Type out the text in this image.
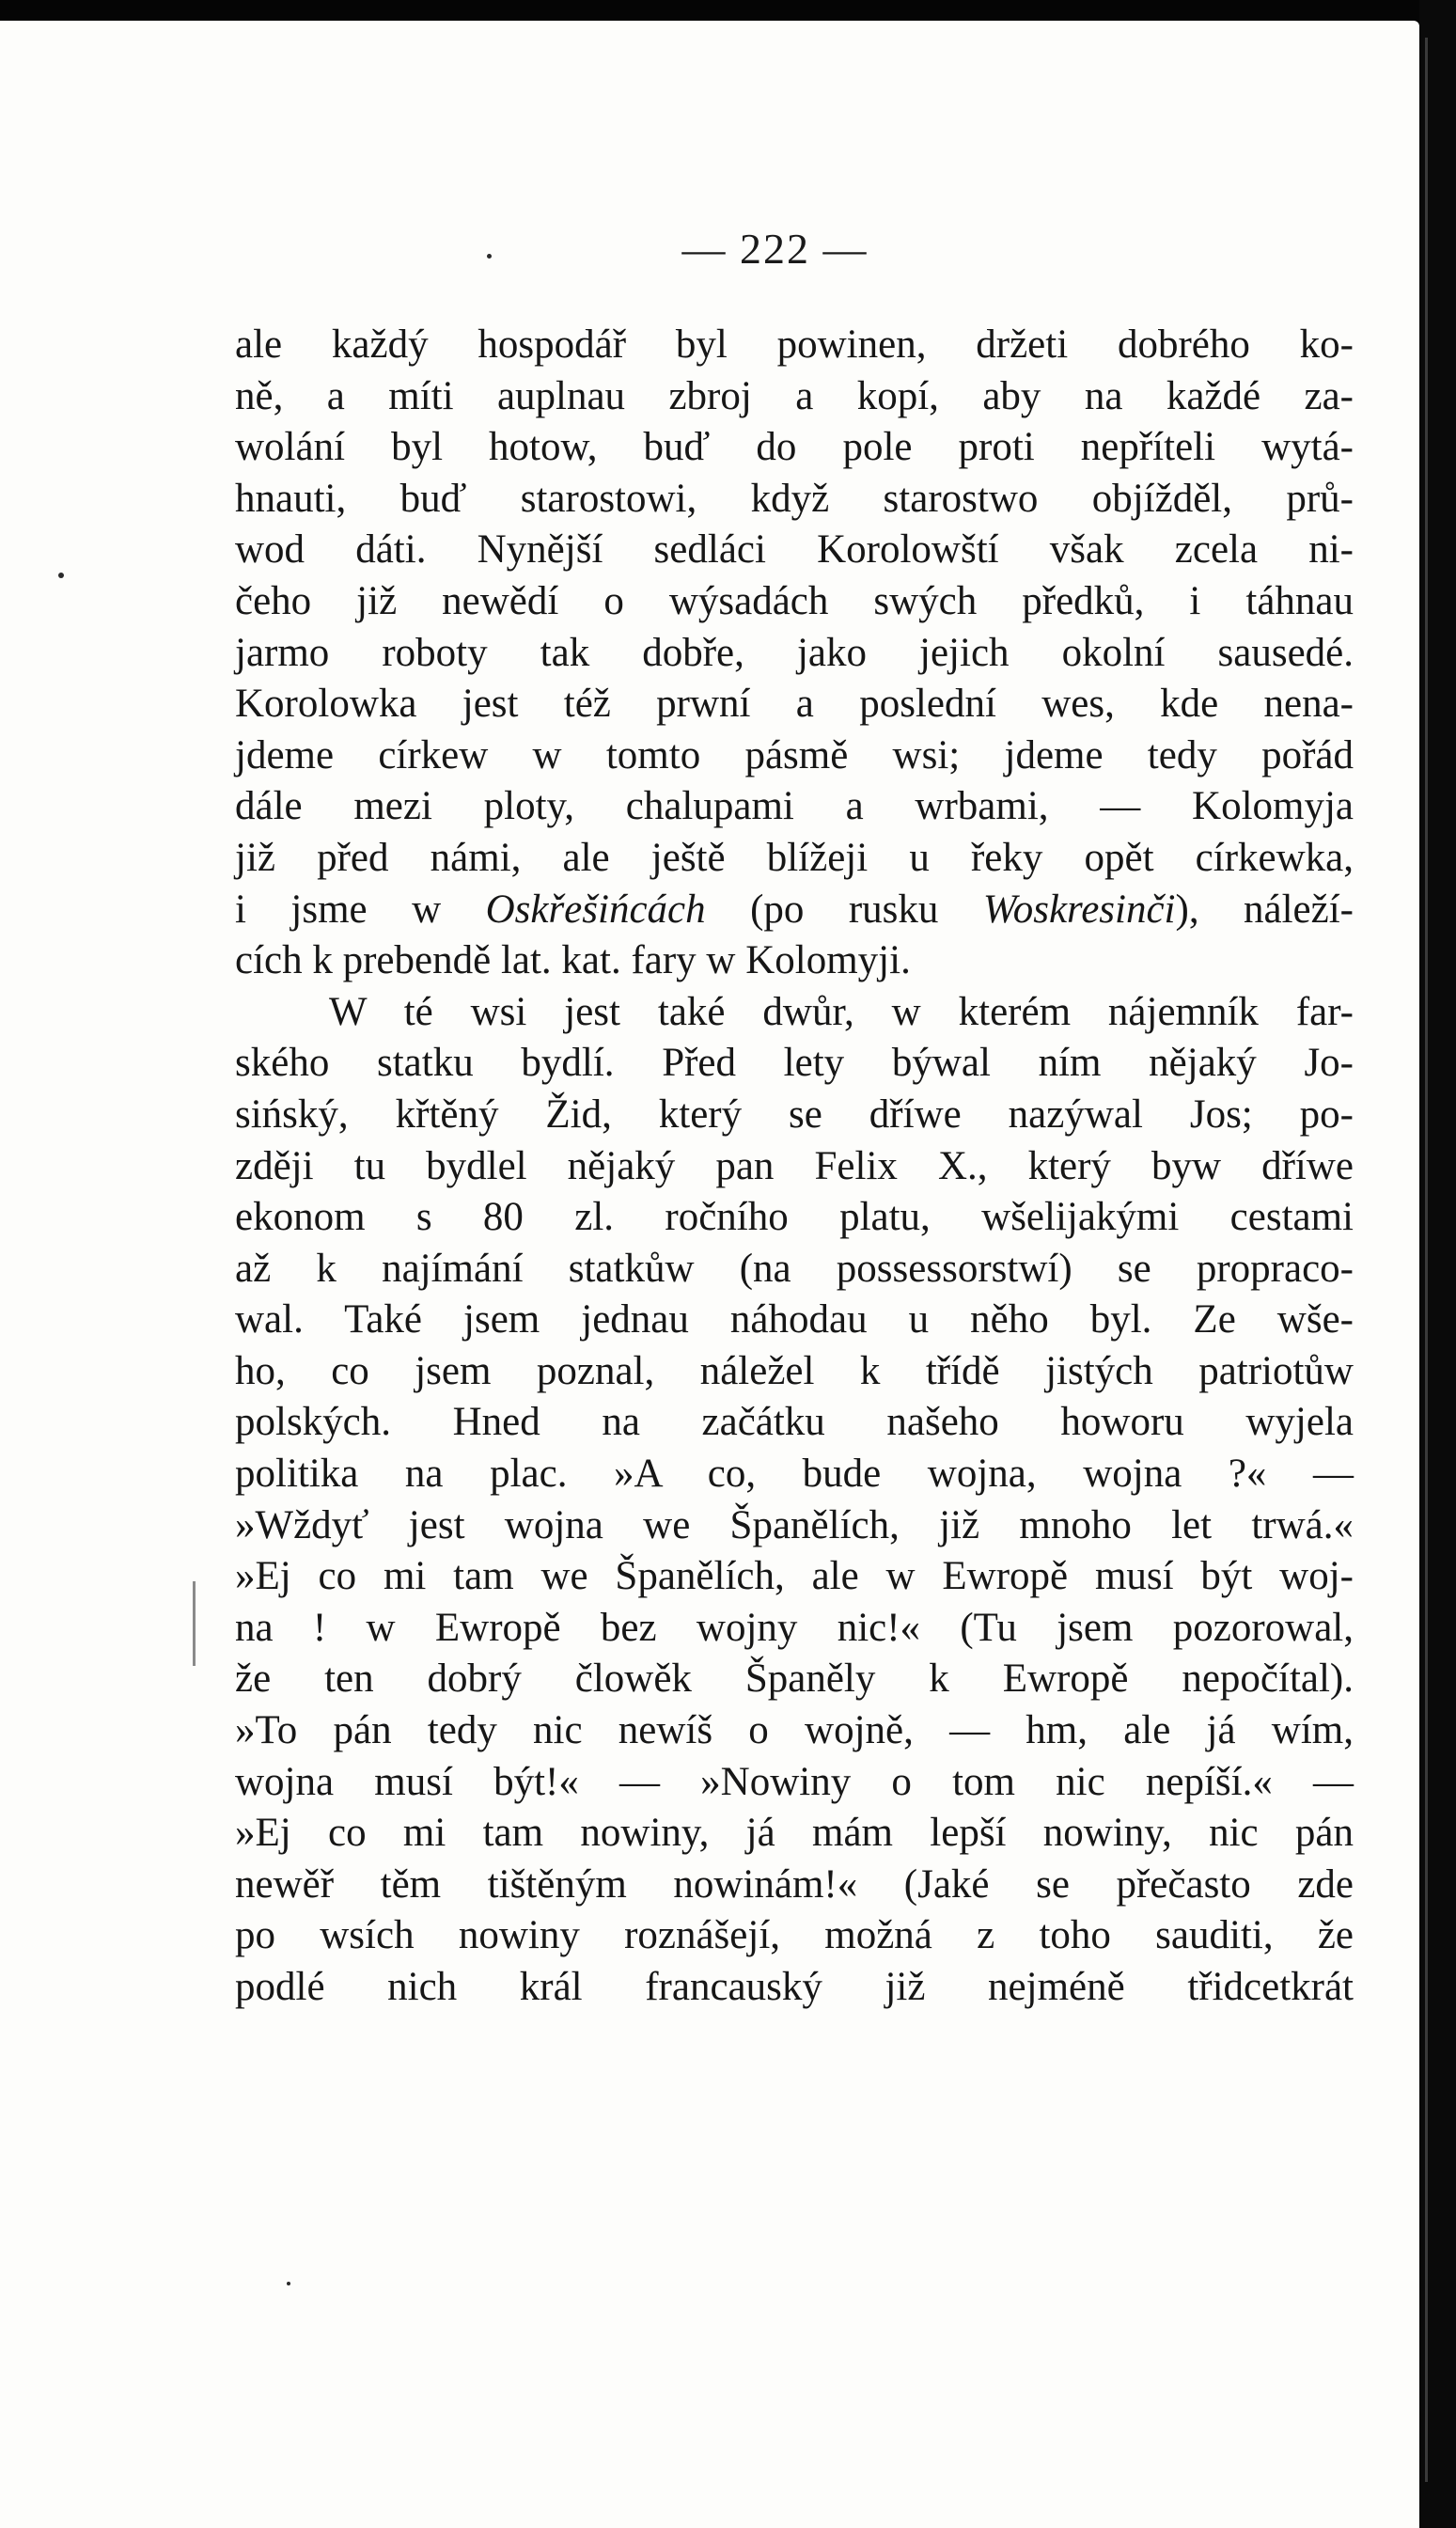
— 222 —
ale každý hospodář byl powinen, držeti dobrého ko-
ně, a míti auplnau zbroj a kopí, aby na každé za-
wolání byl hotow, buď do pole proti nepříteli wytá-
hnauti, buď starostowi, když starostwo objížděl, prů-
wod dáti. Nynější sedláci Korolowští však zcela ni-
čeho již newědí o wýsadách swých předků, i táhnau
jarmo roboty tak dobře, jako jejich okolní sausedé.
Korolowka jest též prwní a poslední wes, kde nena-
jdeme církew w tomto pásmě wsi; jdeme tedy pořád
dále mezi ploty, chalupami a wrbami, — Kolomyja
již před námi, ale ještě blížeji u řeky opět církewka,
i jsme w Oskřešińcách (po rusku Woskresinči), náleží-
cích k prebendě lat. kat. fary w Kolomyji.
W té wsi jest také dwůr, w kterém nájemník far-
ského statku bydlí. Před lety býwal ním nějaký Jo-
sińský, křtěný Žid, který se dříwe nazýwal Jos; po-
zději tu bydlel nějaký pan Felix X., který byw dříwe
ekonom s 80 zl. ročního platu, wšelijakými cestami
až k najímání statkůw (na possessorstwí) se propraco-
wal. Také jsem jednau náhodau u něho byl. Ze wše-
ho, co jsem poznal, náležel k třídě jistých patriotůw
polských. Hned na začátku našeho howoru wyjela
politika na plac. »A co, bude wojna, wojna ?« —
»Wždyť jest wojna we Španělích, již mnoho let trwá.«
»Ej co mi tam we Španělích, ale w Ewropě musí být woj-
na ! w Ewropě bez wojny nic!« (Tu jsem pozorowal,
že ten dobrý člowěk Španěly k Ewropě nepočítal).
»To pán tedy nic newíš o wojně, — hm, ale já wím,
wojna musí být!« — »Nowiny o tom nic nepíší.« —
»Ej co mi tam nowiny, já mám lepší nowiny, nic pán
newěř těm tištěným nowinám!« (Jaké se přečasto zde
po wsích nowiny roznášejí, možná z toho sauditi, že
podlé nich král francauský již nejméně třidcetkrát
